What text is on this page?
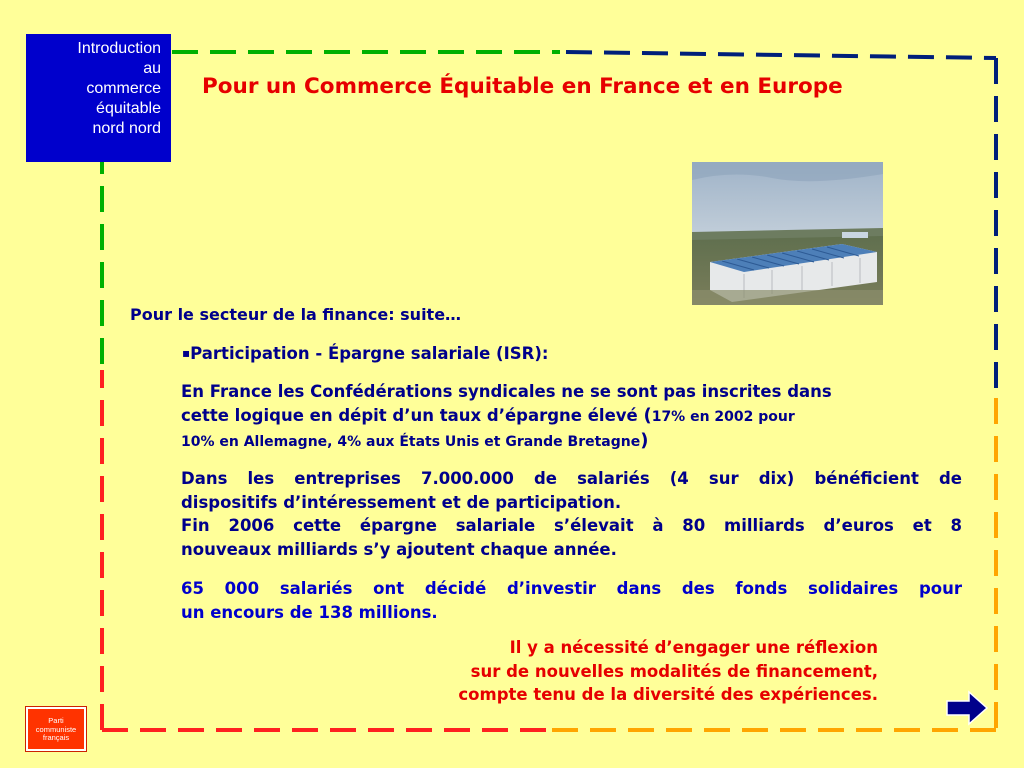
Introduction
au
commerce
équitable
nord nord
Pour un Commerce Équitable en France et en Europe
Pour le secteur de la finance: suite…
▪Participation - Épargne salariale (ISR):
En France les Confédérations syndicales ne se sont pas inscrites dans
cette logique en dépit d’un taux d’épargne élevé (17% en 2002 pour
10% en Allemagne, 4% aux États Unis et Grande Bretagne)
Dans les entreprises 7.000.000 de salariés (4 sur dix) bénéficient de
dispositifs d’intéressement et de participation.
Fin 2006 cette épargne salariale s’élevait à 80 milliards d’euros et 8
nouveaux milliards s’y ajoutent chaque année.
65 000 salariés ont décidé d’investir dans des fonds solidaires pour
un encours de 138 millions.
Il y a nécessité d’engager une réflexion
sur de nouvelles modalités de financement,
compte tenu de la diversité des expériences.
Parti
communiste
français
